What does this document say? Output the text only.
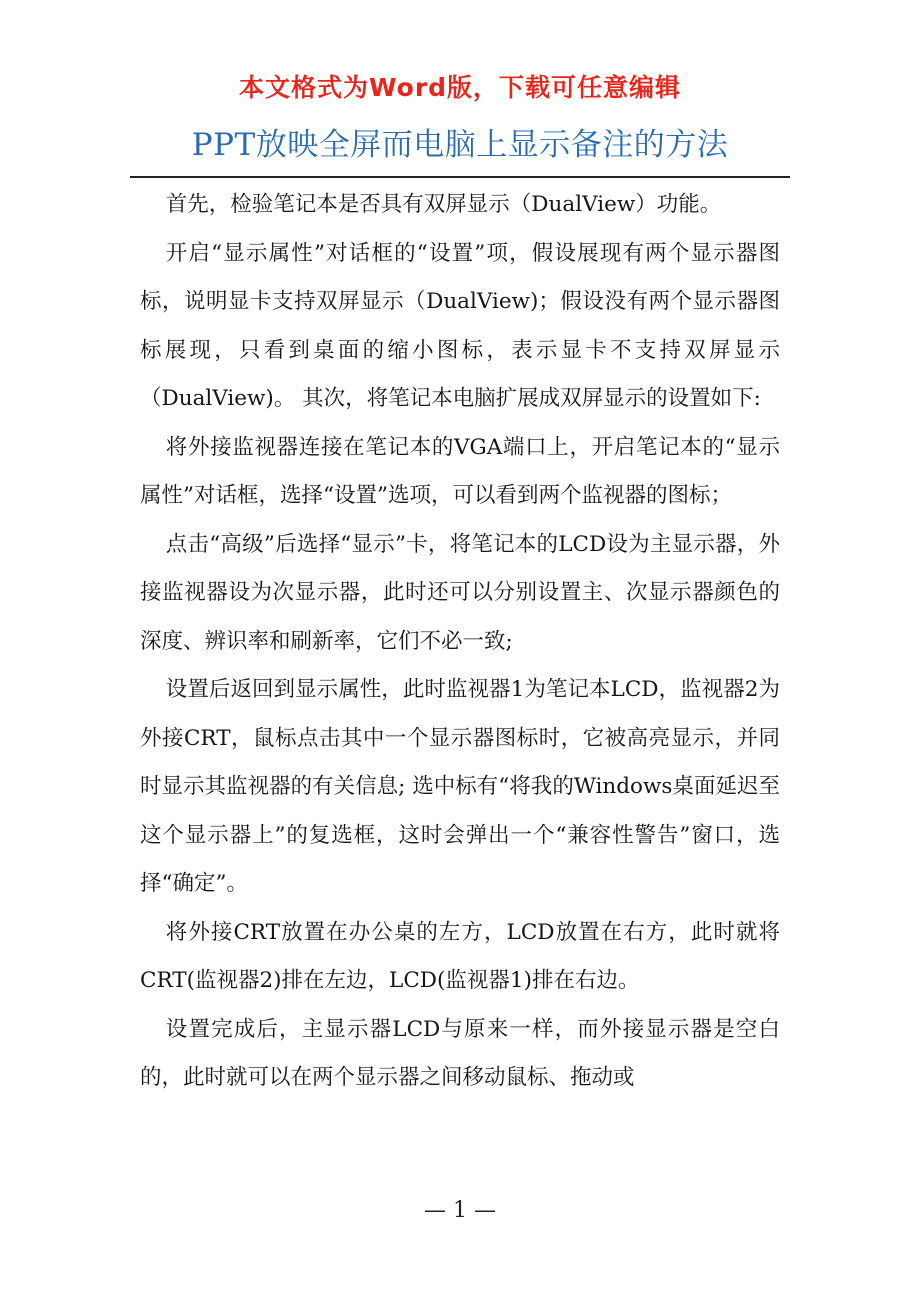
本文格式为Word版，下载可任意编辑
PPT放映全屏而电脑上显示备注的方法

首先，检验笔记本是否具有双屏显示（DualView）功能。

开启“显示属性”对话框的“设置”项，假设展现有两个显示器图标，说明显卡支持双屏显示（DualView)；假设没有两个显示器图标展现，只看到桌面的缩小图标，表示显卡不支持双屏显示（DualView)。 其次，将笔记本电脑扩展成双屏显示的设置如下:

将外接监视器连接在笔记本的VGA端口上，开启笔记本的“显示属性”对话框，选择“设置”选项，可以看到两个监视器的图标；

点击“高级”后选择“显示”卡，将笔记本的LCD设为主显示器，外接监视器设为次显示器，此时还可以分别设置主、次显示器颜色的深度、辨识率和刷新率，它们不必一致;

设置后返回到显示属性，此时监视器1为笔记本LCD，监视器2为外接CRT，鼠标点击其中一个显示器图标时，它被高亮显示，并同时显示其监视器的有关信息; 选中标有“将我的Windows桌面延迟至这个显示器上”的复选框，这时会弹出一个“兼容性警告”窗口，选择“确定”。

将外接CRT放置在办公桌的左方，LCD放置在右方，此时就将CRT(监视器2)排在左边，LCD(监视器1)排在右边。

设置完成后，主显示器LCD与原来一样，而外接显示器是空白的，此时就可以在两个显示器之间移动鼠标、拖动或

— 1 —
